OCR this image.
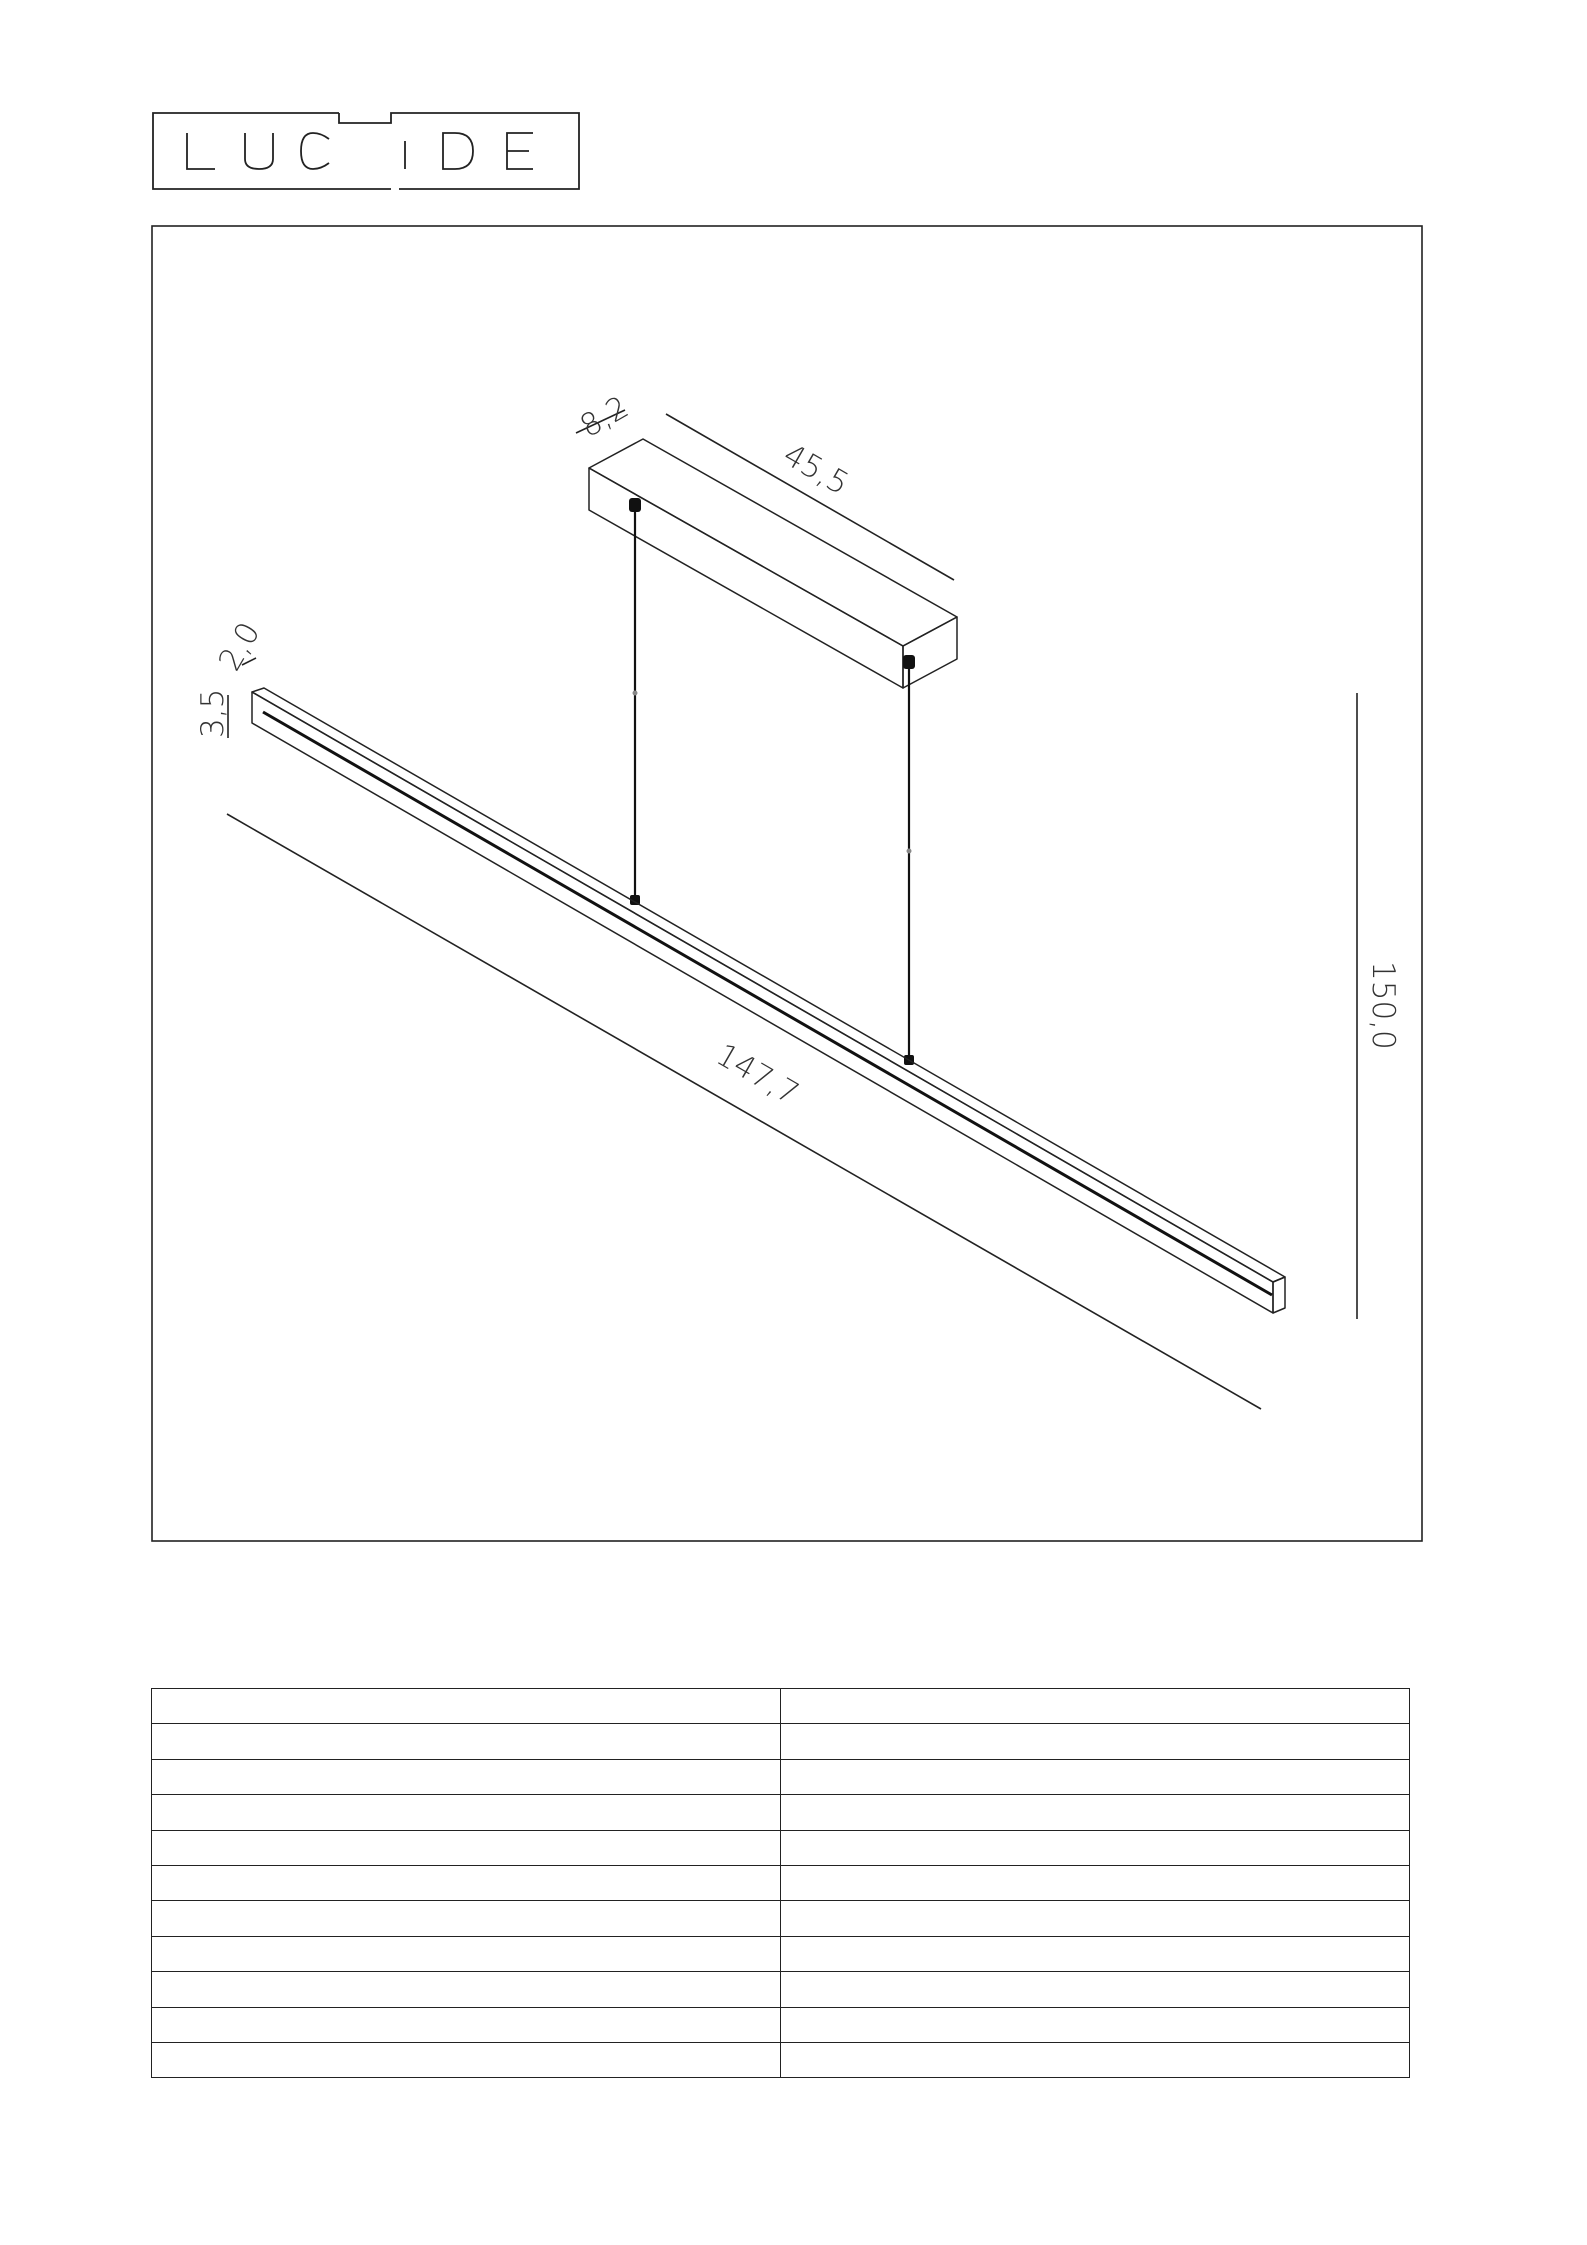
LUCIDE
8,2
45,5
2,0
3,5
147,7
150,0
